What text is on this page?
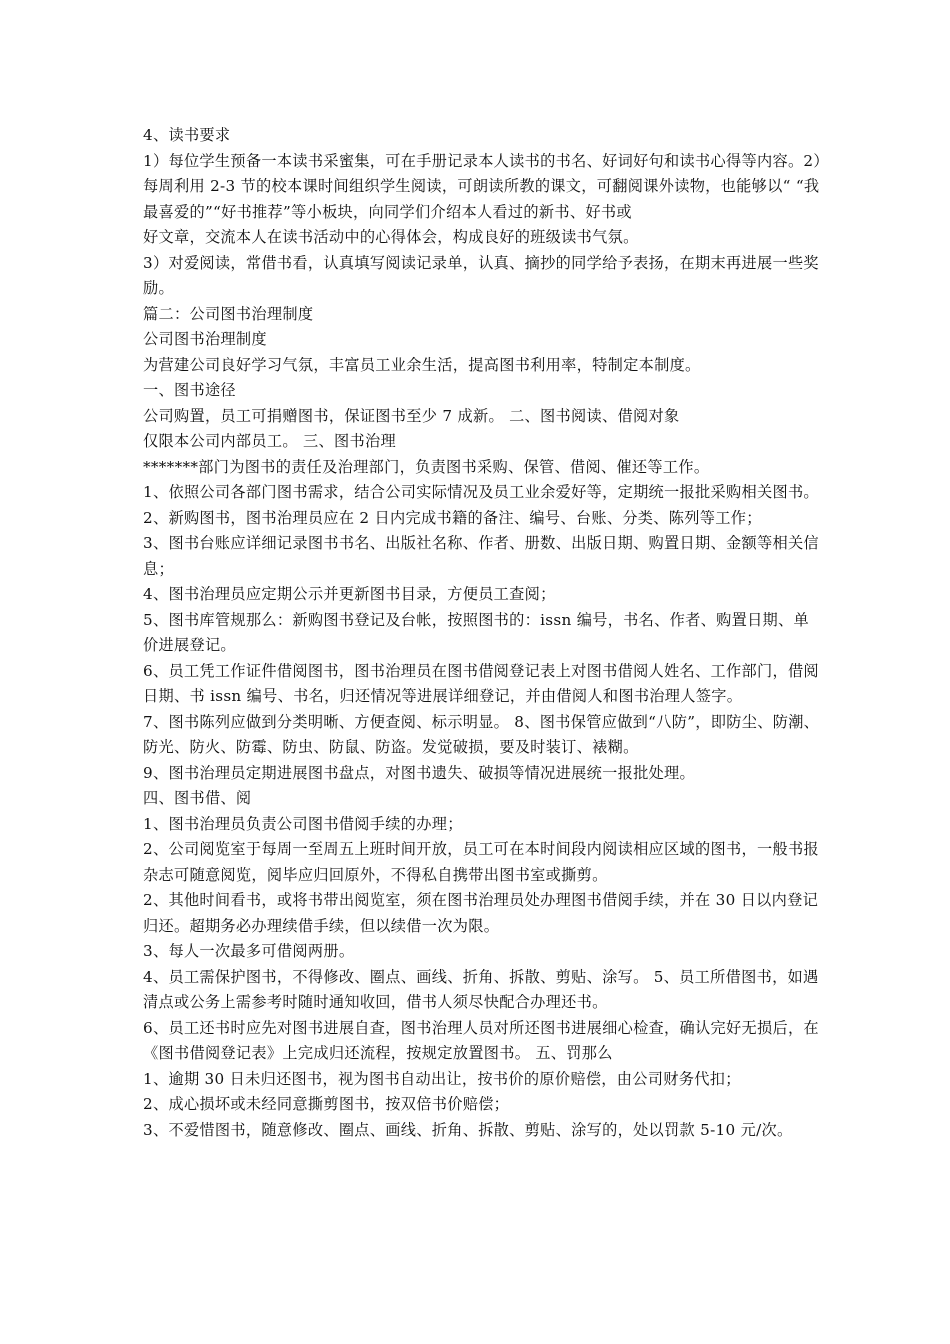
4、读书要求

1）每位学生预备一本读书采蜜集，可在手册记录本人读书的书名、好词好句和读书心得等内容。2）每周利用 2-3 节的校本课时间组织学生阅读，可朗读所教的课文，可翻阅课外读物，也能够以“ “我最喜爱的”“好书推荐”等小板块，向同学们介绍本人看过的新书、好书或

好文章，交流本人在读书活动中的心得体会，构成良好的班级读书气氛。

3）对爱阅读，常借书看，认真填写阅读记录单，认真、摘抄的同学给予表扬，在期末再进展一些奖励。

篇二：公司图书治理制度

公司图书治理制度

为营建公司良好学习气氛，丰富员工业余生活，提高图书利用率，特制定本制度。

一、图书途径

公司购置，员工可捐赠图书，保证图书至少 7 成新。 二、图书阅读、借阅对象

仅限本公司内部员工。 三、图书治理

*******部门为图书的责任及治理部门，负责图书采购、保管、借阅、催还等工作。

1、依照公司各部门图书需求，结合公司实际情况及员工业余爱好等，定期统一报批采购相关图书。

2、新购图书，图书治理员应在 2 日内完成书籍的备注、编号、台账、分类、陈列等工作；

3、图书台账应详细记录图书书名、出版社名称、作者、册数、出版日期、购置日期、金额等相关信息；

4、图书治理员应定期公示并更新图书目录，方便员工查阅；

5、图书库管规那么：新购图书登记及台帐，按照图书的：issn 编号，书名、作者、购置日期、单价进展登记。

6、员工凭工作证件借阅图书，图书治理员在图书借阅登记表上对图书借阅人姓名、工作部门，借阅日期、书 issn 编号、书名，归还情况等进展详细登记，并由借阅人和图书治理人签字。

7、图书陈列应做到分类明晰、方便查阅、标示明显。 8、图书保管应做到“八防”，即防尘、防潮、防光、防火、防霉、防虫、防鼠、防盗。发觉破损，要及时装订、裱糊。

9、图书治理员定期进展图书盘点，对图书遗失、破损等情况进展统一报批处理。

四、图书借、阅

1、图书治理员负责公司图书借阅手续的办理；

2、公司阅览室于每周一至周五上班时间开放，员工可在本时间段内阅读相应区域的图书，一般书报杂志可随意阅览，阅毕应归回原外，不得私自携带出图书室或撕剪。

2、其他时间看书，或将书带出阅览室，须在图书治理员处办理图书借阅手续，并在 30 日以内登记归还。超期务必办理续借手续，但以续借一次为限。

3、每人一次最多可借阅两册。

4、员工需保护图书，不得修改、圈点、画线、折角、拆散、剪贴、涂写。 5、员工所借图书，如遇清点或公务上需参考时随时通知收回，借书人须尽快配合办理还书。

6、员工还书时应先对图书进展自查，图书治理人员对所还图书进展细心检查，确认完好无损后，在《图书借阅登记表》上完成归还流程，按规定放置图书。 五、罚那么

1、逾期 30 日未归还图书，视为图书自动出让，按书价的原价赔偿，由公司财务代扣；

2、成心损坏或未经同意撕剪图书，按双倍书价赔偿；

3、不爱惜图书，随意修改、圈点、画线、折角、拆散、剪贴、涂写的，处以罚款 5-10 元/次。
